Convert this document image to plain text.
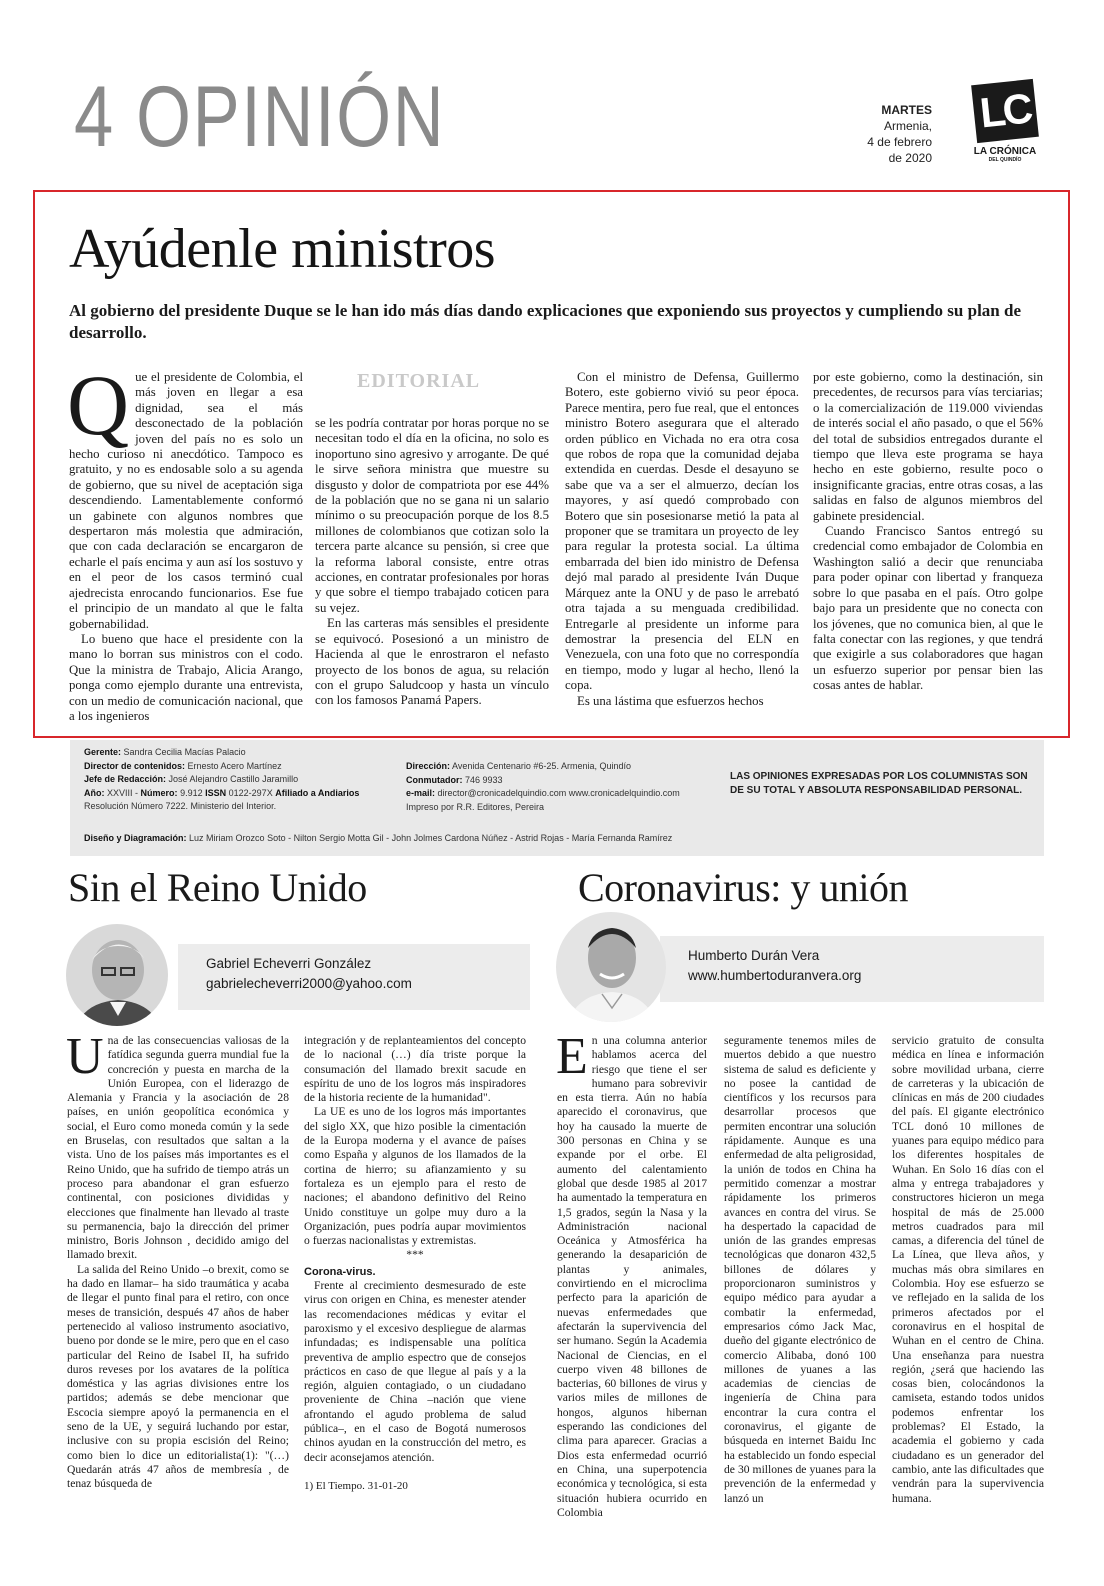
4 OPINIÓN	MARTES
Armenia,
4 de febrero
de 2020
LC
LA CRÓNICA
DEL QUINDÍO
Ayúdenle ministros
Al gobierno del presidente Duque se le han ido más días dando explicaciones que exponiendo sus proyectos y cumpliendo su plan de desarrollo.
EDITORIAL

Que el presidente de Colombia, el más joven en llegar a esa dignidad, sea el más desconectado de la población joven del país no es solo un hecho curioso ni anecdótico. Tampoco es gratuito, y no es endosable solo a su agenda de gobierno, que su nivel de aceptación siga descendiendo. Lamentablemente conformó un gabinete con algunos nombres que despertaron más molestia que admiración, que con cada declaración se encargaron de echarle el país encima y aun así los sostuvo y en el peor de los casos terminó cual ajedrecista enrocando funcionarios. Ese fue el principio de un mandato al que le falta gobernabilidad.

Lo bueno que hace el presidente con la mano lo borran sus ministros con el codo. Que la ministra de Trabajo, Alicia Arango, ponga como ejemplo durante una entrevista, con un medio de comunicación nacional, que a los ingenieros

se les podría contratar por horas porque no se necesitan todo el día en la oficina, no solo es inoportuno sino agresivo y arrogante. De qué le sirve señora ministra que muestre su disgusto y dolor de compatriota por ese 44% de la población que no se gana ni un salario mínimo o su preocupación porque de los 8.5 millones de colombianos que cotizan solo la tercera parte alcance su pensión, si cree que la reforma laboral consiste, entre otras acciones, en contratar profesionales por horas y que sobre el tiempo trabajado coticen para su vejez.

En las carteras más sensibles el presidente se equivocó. Posesionó a un ministro de Hacienda al que le enrostraron el nefasto proyecto de los bonos de agua, su relación con el grupo Saludcoop y hasta un vínculo con los famosos Panamá Papers.

Con el ministro de Defensa, Guillermo Botero, este gobierno vivió su peor época. Parece mentira, pero fue real, que el entonces ministro Botero asegurara que el alterado orden público en Vichada no era otra cosa que robos de ropa que la comunidad dejaba extendida en cuerdas. Desde el desayuno se sabe que va a ser el almuerzo, decían los mayores, y así quedó comprobado con Botero que sin posesionarse metió la pata al proponer que se tramitara un proyecto de ley para regular la protesta social. La última embarrada del bien ido ministro de Defensa dejó mal parado al presidente Iván Duque Márquez ante la ONU y de paso le arrebató otra tajada a su menguada credibilidad. Entregarle al presidente un informe para demostrar la presencia del ELN en Venezuela, con una foto que no correspondía en tiempo, modo y lugar al hecho, llenó la copa.

Es una lástima que esfuerzos hechos

por este gobierno, como la destinación, sin precedentes, de recursos para vías terciarias; o la comercialización de 119.000 viviendas de interés social el año pasado, o que el 56% del total de subsidios entregados durante el tiempo que lleva este programa se haya hecho en este gobierno, resulte poco o insignificante gracias, entre otras cosas, a las salidas en falso de algunos miembros del gabinete presidencial.

Cuando Francisco Santos entregó su credencial como embajador de Colombia en Washington salió a decir que renunciaba para poder opinar con libertad y franqueza sobre lo que pasaba en el país. Otro golpe bajo para un presidente que no conecta con los jóvenes, que no comunica bien, al que le falta conectar con las regiones, y que tendrá que exigirle a sus colaboradores que hagan un esfuerzo superior por pensar bien las cosas antes de hablar.

Gerente: Sandra Cecilia Macías Palacio
Director de contenidos: Ernesto Acero Martínez
Jefe de Redacción: José Alejandro Castillo Jaramillo
Año: XXVIII - Número: 9.912 ISSN 0122-297X Afiliado a Andiarios
Resolución Número 7222. Ministerio del Interior.
Dirección: Avenida Centenario #6-25. Armenia, Quindío
Conmutador: 746 9933
e-mail: director@cronicadelquindio.com www.cronicadelquindio.com
Impreso por R.R. Editores, Pereira
LAS OPINIONES EXPRESADAS POR LOS COLUMNISTAS SON DE SU TOTAL Y ABSOLUTA RESPONSABILIDAD PERSONAL.
Diseño y Diagramación: Luz Miriam Orozco Soto - Nilton Sergio Motta Gil - John Jolmes Cardona Núñez - Astrid Rojas - María Fernanda Ramírez
Sin el Reino Unido
Gabriel Echeverri González
gabrielecheverri2000@yahoo.com

Una de las consecuencias valiosas de la fatídica segunda guerra mundial fue la concreción y puesta en marcha de la Unión Europea, con el liderazgo de Alemania y Francia y la asociación de 28 países, en unión geopolítica económica y social, el Euro como moneda común y la sede en Bruselas, con resultados que saltan a la vista. Uno de los países más importantes es el Reino Unido, que ha sufrido de tiempo atrás un proceso para abandonar el gran esfuerzo continental, con posiciones divididas y elecciones que finalmente han llevado al traste su permanencia, bajo la dirección del primer ministro, Boris Johnson , decidido amigo del llamado brexit.

La salida del Reino Unido –o brexit, como se ha dado en llamar– ha sido traumática y acaba de llegar el punto final para el retiro, con once meses de transición, después 47 años de haber pertenecido al valioso instrumento asociativo, bueno por donde se le mire, pero que en el caso particular del Reino de Isabel II, ha sufrido duros reveses por los avatares de la política doméstica y las agrias divisiones entre los partidos; además se debe mencionar que Escocia siempre apoyó la permanencia en el seno de la UE, y seguirá luchando por estar, inclusive con su propia escisión del Reino; como bien lo dice un editorialista(1): "(…) Quedarán atrás 47 años de membresía , de tenaz búsqueda de

integración y de replanteamientos del concepto de lo nacional (…) día triste porque la consumación del llamado brexit sacude en espíritu de uno de los logros más inspiradores de la historia reciente de la humanidad".

La UE es uno de los logros más importantes del siglo XX, que hizo posible la cimentación de la Europa moderna y el avance de países como España y algunos de los llamados de la cortina de hierro; su afianzamiento y su fortaleza es un ejemplo para el resto de naciones; el abandono definitivo del Reino Unido constituye un golpe muy duro a la Organización, pues podría aupar movimientos o fuerzas nacionalistas y extremistas.

***

Corona-virus.

Frente al crecimiento desmesurado de este virus con origen en China, es menester atender las recomendaciones médicas y evitar el paroxismo y el excesivo despliegue de alarmas infundadas; es indispensable una política preventiva de amplio espectro que de consejos prácticos en caso de que llegue al país y a la región, alguien contagiado, o un ciudadano proveniente de China –nación que viene afrontando el agudo problema de salud pública–, en el caso de Bogotá numerosos chinos ayudan en la construcción del metro, es decir aconsejamos atención.

1) El Tiempo. 31-01-20

Coronavirus: y unión
Humberto Durán Vera
www.humbertoduranvera.org

En una columna anterior hablamos acerca del riesgo que tiene el ser humano para sobrevivir en esta tierra. Aún no había aparecido el coronavirus, que hoy ha causado la muerte de 300 personas en China y se expande por el orbe. El aumento del calentamiento global que desde 1985 al 2017 ha aumentado la temperatura en 1,5 grados, según la Nasa y la Administración nacional Oceánica y Atmosférica ha generando la desaparición de plantas y animales, convirtiendo en el microclima perfecto para la aparición de nuevas enfermedades que afectarán la supervivencia del ser humano. Según la Academia Nacional de Ciencias, en el cuerpo viven 48 billones de bacterias, 60 billones de virus y varios miles de millones de hongos, algunos hibernan esperando las condiciones del clima para aparecer. Gracias a Dios esta enfermedad ocurrió en China, una superpotencia económica y tecnológica, si esta situación hubiera ocurrido en Colombia

seguramente tenemos miles de muertos debido a que nuestro sistema de salud es deficiente y no posee la cantidad de científicos y los recursos para desarrollar procesos que permiten encontrar una solución rápidamente. Aunque es una enfermedad de alta peligrosidad, la unión de todos en China ha permitido comenzar a mostrar rápidamente los primeros avances en contra del virus. Se ha despertado la capacidad de unión de las grandes empresas tecnológicas que donaron 432,5 billones de dólares y proporcionaron suministros y equipo médico para ayudar a combatir la enfermedad, empresarios cómo Jack Mac, dueño del gigante electrónico de comercio Alibaba, donó 100 millones de yuanes a las academias de ciencias de ingeniería de China para encontrar la cura contra el coronavirus, el gigante de búsqueda en internet Baidu Inc ha establecido un fondo especial de 30 millones de yuanes para la prevención de la enfermedad y lanzó un

servicio gratuito de consulta médica en línea e información sobre movilidad urbana, cierre de carreteras y la ubicación de clínicas en más de 200 ciudades del país. El gigante electrónico TCL donó 10 millones de yuanes para equipo médico para los diferentes hospitales de Wuhan. En Solo 16 días con el alma y entrega trabajadores y constructores hicieron un mega hospital de más de 25.000 metros cuadrados para mil camas, a diferencia del túnel de La Línea, que lleva años, y muchas más obra similares en Colombia. Hoy ese esfuerzo se ve reflejado en la salida de los primeros afectados por el coronavirus en el hospital de Wuhan en el centro de China. Una enseñanza para nuestra región, ¿será que haciendo las cosas bien, colocándonos la camiseta, estando todos unidos podemos enfrentar los problemas? El Estado, la academia el gobierno y cada ciudadano es un generador del cambio, ante las dificultades que vendrán para la supervivencia humana.
